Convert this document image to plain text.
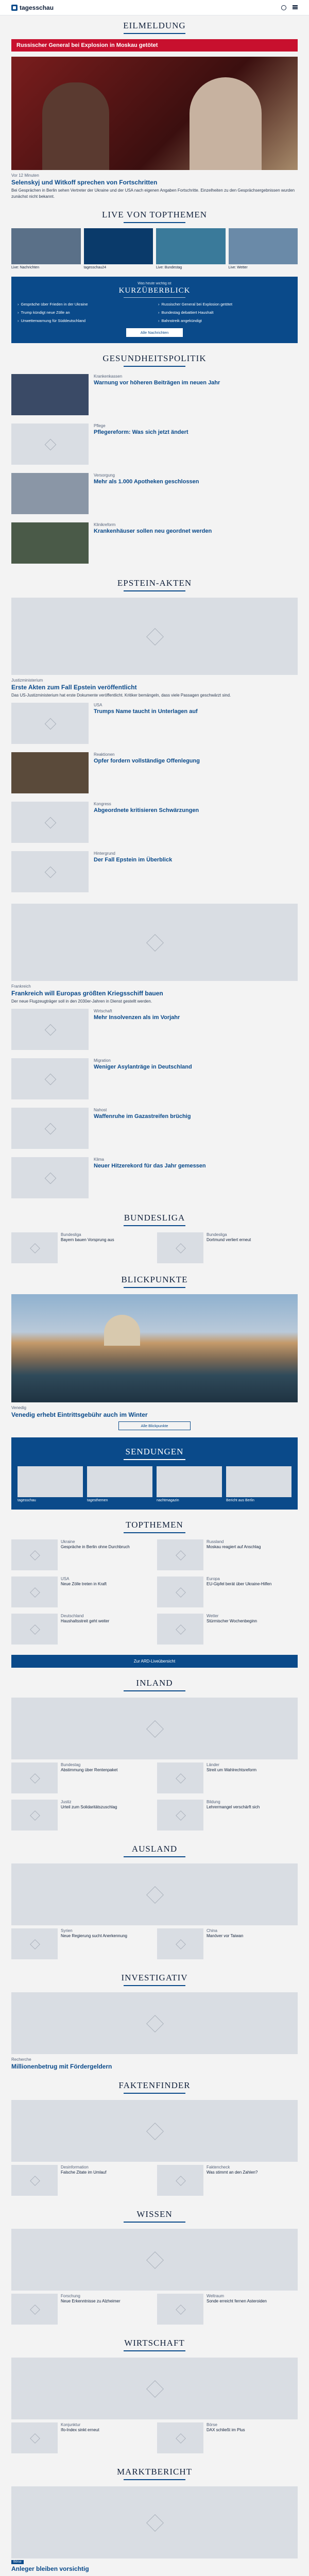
tagesschau
EILMELDUNG
Russischer General bei Explosion in Moskau getötet
Vor 12 Minuten
Selenskyj und Witkoff sprechen von Fortschritten
Bei Gesprächen in Berlin sehen Vertreter der Ukraine und der USA nach eigenen Angaben Fortschritte. Einzelheiten zu den Gesprächsergebnissen wurden zunächst nicht bekannt.
LIVE VON TOPTHEMEN
Live: Nachrichten	tagesschau24	Live: Bundestag	Live: Wetter
Was heute wichtig ist
KURZÜBERBLICK
› Gespräche über Frieden in der Ukraine	› Russischer General bei Explosion getötet
› Trump kündigt neue Zölle an	› Bundestag debattiert Haushalt
› Unwetterwarnung für Süddeutschland	› Bahnstreik angekündigt
Alle Nachrichten
GESUNDHEITSPOLITIK
Krankenkassen
Warnung vor höheren Beiträgen im neuen Jahr
Pflege
Pflegereform: Was sich jetzt ändert
Versorgung
Mehr als 1.000 Apotheken geschlossen
Klinikreform
Krankenhäuser sollen neu geordnet werden
EPSTEIN-AKTEN
Justizministerium
Erste Akten zum Fall Epstein veröffentlicht
Das US-Justizministerium hat erste Dokumente veröffentlicht. Kritiker bemängeln, dass viele Passagen geschwärzt sind.
USA
Trumps Name taucht in Unterlagen auf
Reaktionen
Opfer fordern vollständige Offenlegung
Kongress
Abgeordnete kritisieren Schwärzungen
Hintergrund
Der Fall Epstein im Überblick
Frankreich
Frankreich will Europas größten Kriegsschiff bauen
Der neue Flugzeugträger soll in den 2030er-Jahren in Dienst gestellt werden.
Wirtschaft
Mehr Insolvenzen als im Vorjahr
Migration
Weniger Asylanträge in Deutschland
Nahost
Waffenruhe im Gazastreifen brüchig
Klima
Neuer Hitzerekord für das Jahr gemessen
BUNDESLIGA
Bundesliga
Bayern bauen Vorsprung aus
Bundesliga
Dortmund verliert erneut
BLICKPUNKTE
Venedig
Venedig erhebt Eintrittsgebühr auch im Winter
Alle Blickpunkte
SENDUNGEN
tagesschau	tagesthemen	nachtmagazin	Bericht aus Berlin
TOPTHEMEN
Ukraine
Gespräche in Berlin ohne Durchbruch
Russland
Moskau reagiert auf Anschlag
USA
Neue Zölle treten in Kraft
Europa
EU-Gipfel berät über Ukraine-Hilfen
Deutschland
Haushaltsstreit geht weiter
Wetter
Stürmischer Wochenbeginn
Zur ARD-Liveübersicht
INLAND
Bundestag
Abstimmung über Rentenpaket
Länder
Streit um Wahlrechtsreform
Justiz
Urteil zum Solidaritätszuschlag
Bildung
Lehrermangel verschärft sich
AUSLAND
Syrien
Neue Regierung sucht Anerkennung
China
Manöver vor Taiwan
INVESTIGATIV
Recherche
Millionenbetrug mit Fördergeldern
FAKTENFINDER
Desinformation
Falsche Zitate im Umlauf
Faktencheck
Was stimmt an den Zahlen?
WISSEN
Forschung
Neue Erkenntnisse zu Alzheimer
Weltraum
Sonde erreicht fernen Asteroiden
WIRTSCHAFT
Konjunktur
Ifo-Index sinkt erneut
Börse
DAX schließt im Plus
MARKTBERICHT
Börse
Anleger bleiben vorsichtig
